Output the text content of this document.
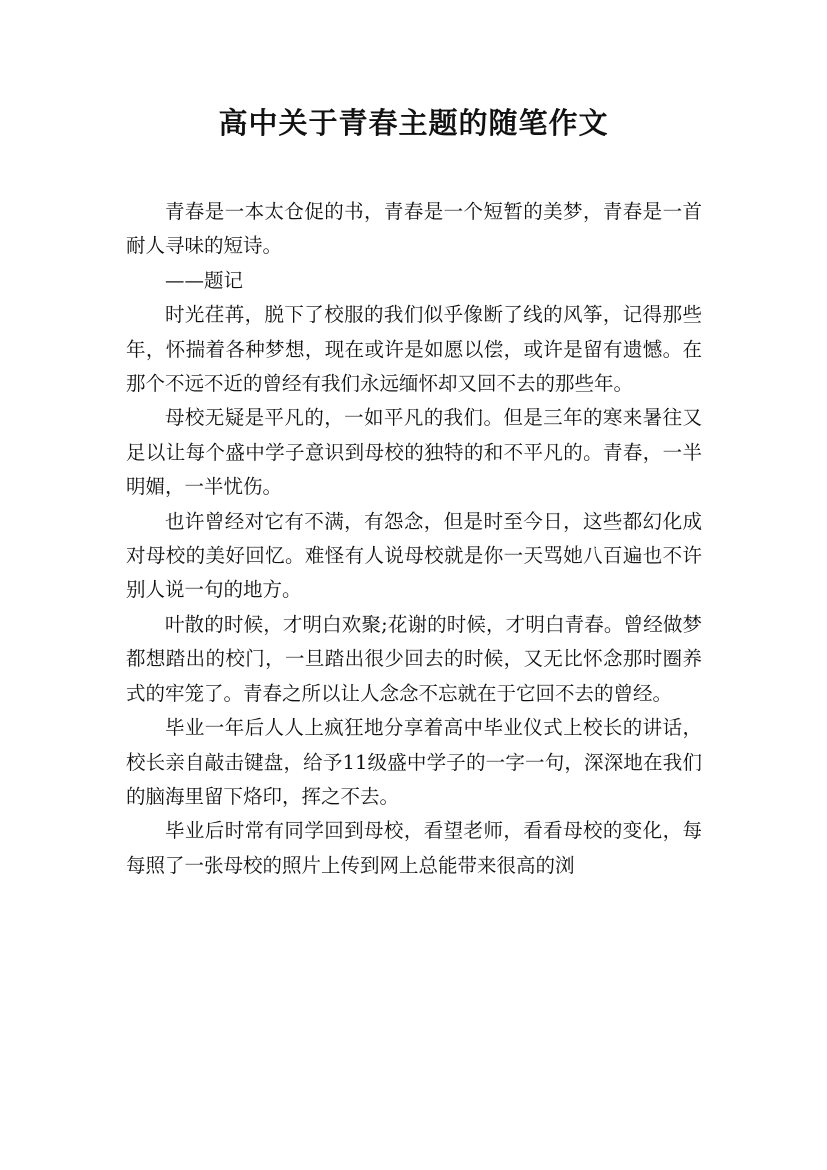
高中关于青春主题的随笔作文

青春是一本太仓促的书，青春是一个短暂的美梦，青春是一首耐人寻味的短诗。

——题记

时光荏苒，脱下了校服的我们似乎像断了线的风筝，记得那些年，怀揣着各种梦想，现在或许是如愿以偿，或许是留有遗憾。在那个不远不近的曾经有我们永远缅怀却又回不去的那些年。

母校无疑是平凡的，一如平凡的我们。但是三年的寒来暑往又足以让每个盛中学子意识到母校的独特的和不平凡的。青春，一半明媚，一半忧伤。

也许曾经对它有不满，有怨念，但是时至今日，这些都幻化成对母校的美好回忆。难怪有人说母校就是你一天骂她八百遍也不许别人说一句的地方。

叶散的时候，才明白欢聚;花谢的时候，才明白青春。曾经做梦都想踏出的校门，一旦踏出很少回去的时候，又无比怀念那时圈养式的牢笼了。青春之所以让人念念不忘就在于它回不去的曾经。

毕业一年后人人上疯狂地分享着高中毕业仪式上校长的讲话，校长亲自敲击键盘，给予11级盛中学子的一字一句，深深地在我们的脑海里留下烙印，挥之不去。

毕业后时常有同学回到母校，看望老师，看看母校的变化，每每照了一张母校的照片上传到网上总能带来很高的浏
